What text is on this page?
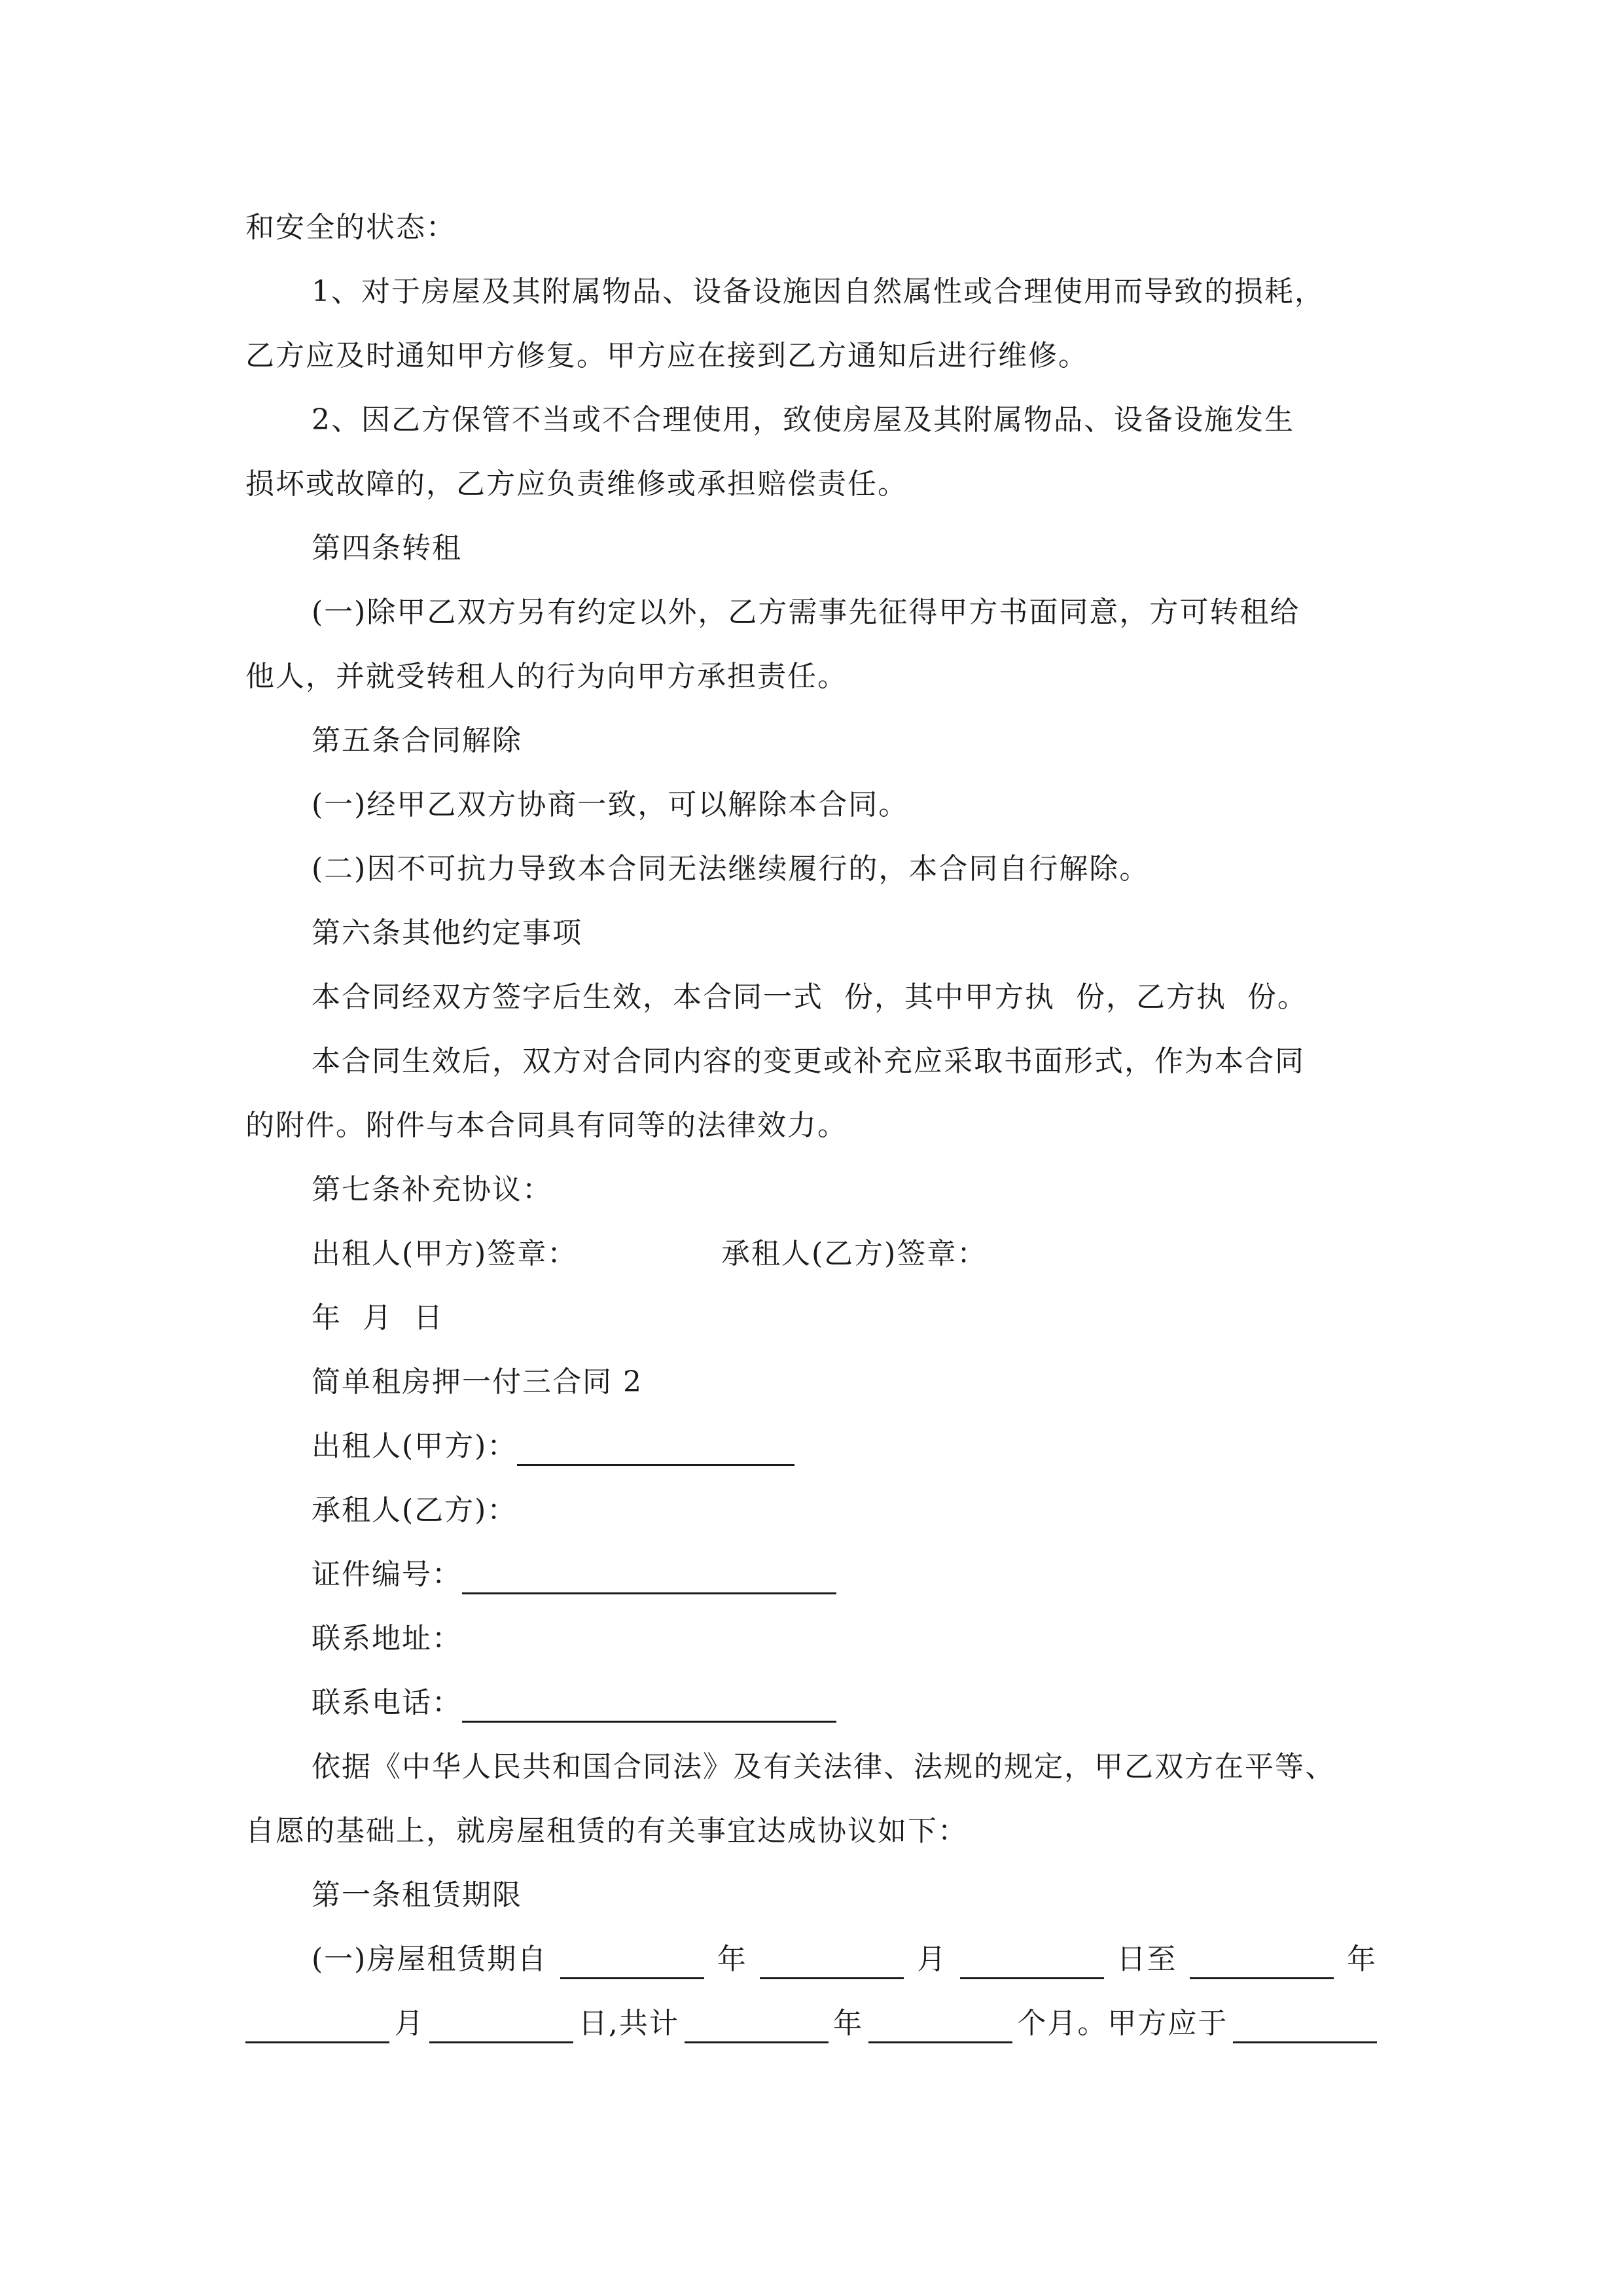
和安全的状态：
1、对于房屋及其附属物品、设备设施因自然属性或合理使用而导致的损耗，
乙方应及时通知甲方修复。甲方应在接到乙方通知后进行维修。
2、因乙方保管不当或不合理使用，致使房屋及其附属物品、设备设施发生
损坏或故障的，乙方应负责维修或承担赔偿责任。
第四条转租
(一)除甲乙双方另有约定以外，乙方需事先征得甲方书面同意，方可转租给
他人，并就受转租人的行为向甲方承担责任。
第五条合同解除
(一)经甲乙双方协商一致，可以解除本合同。
(二)因不可抗力导致本合同无法继续履行的，本合同自行解除。
第六条其他约定事项
本合同经双方签字后生效，本合同一式  份，其中甲方执  份，乙方执  份。
本合同生效后，双方对合同内容的变更或补充应采取书面形式，作为本合同
的附件。附件与本合同具有同等的法律效力。
第七条补充协议：
出租人(甲方)签章：	承租人(乙方)签章：
年  月  日
简单租房押一付三合同 2
出租人(甲方)：
承租人(乙方)：
证件编号：
联系地址：
联系电话：
依据《中华人民共和国合同法》及有关法律、法规的规定，甲乙双方在平等、
自愿的基础上，就房屋租赁的有关事宜达成协议如下：
第一条租赁期限
(一)房屋租赁期自	年	月	日至	年
月	日,共计	年	个月。甲方应于
